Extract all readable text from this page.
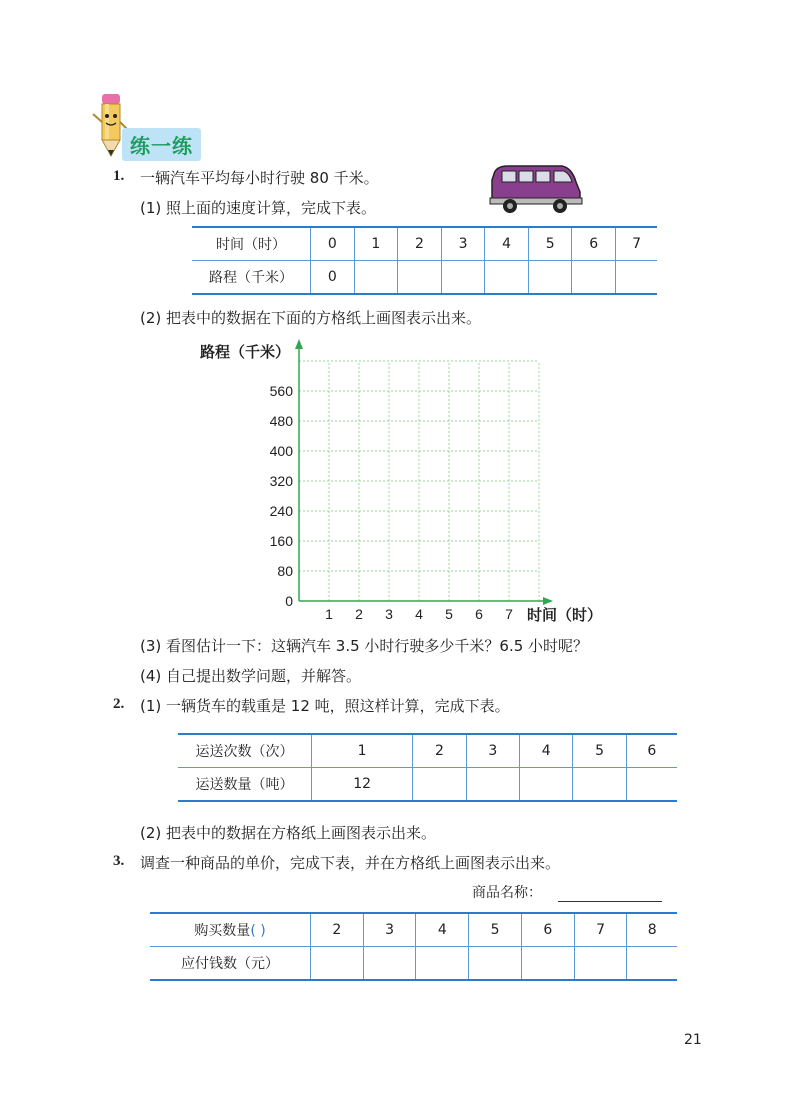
练一练
1. 一辆汽车平均每小时行驶 80 千米。
(1) 照上面的速度计算，完成下表。
时间（时）	0	1	2	3	4	5	6	7
路程（千米）	0							
(2) 把表中的数据在下面的方格纸上画图表示出来。
0
80
160
240
320
400
480
560
1 2 3 4 5 6 7
路程（千米）
时间（时）
(3) 看图估计一下：这辆汽车 3.5 小时行驶多少千米？6.5 小时呢？
(4) 自己提出数学问题，并解答。
2. (1) 一辆货车的载重是 12 吨，照这样计算，完成下表。
运送次数（次）	1	2	3	4	5	6
运送数量（吨）	12					
(2) 把表中的数据在方格纸上画图表示出来。
3. 调查一种商品的单价，完成下表，并在方格纸上画图表示出来。
商品名称：
购买数量( )	2	3	4	5	6	7	8
应付钱数（元）							
21
